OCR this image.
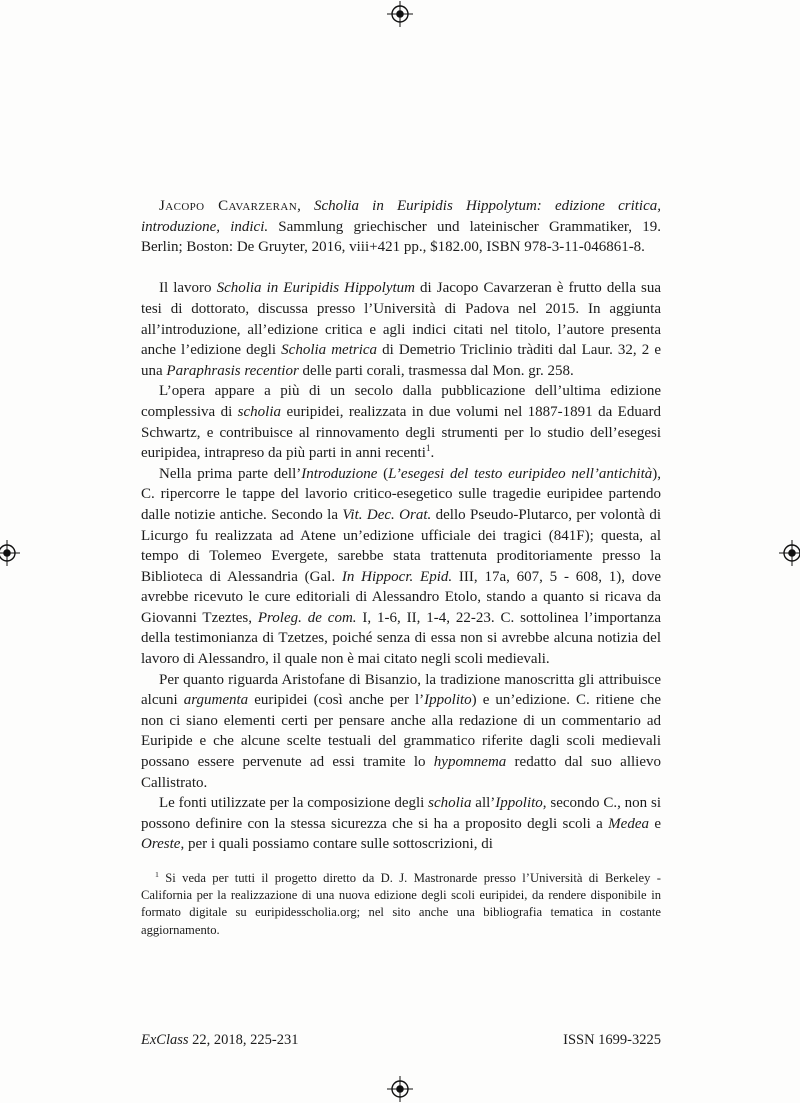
Jacopo Cavarzeran, Scholia in Euripidis Hippolytum: edizione critica, introduzione, indici. Sammlung griechischer und lateinischer Grammatiker, 19. Berlin; Boston: De Gruyter, 2016, viii+421 pp., $182.00, ISBN 978-3-11-046861-8.

Il lavoro Scholia in Euripidis Hippolytum di Jacopo Cavarzeran è frutto della sua tesi di dottorato, discussa presso l’Università di Padova nel 2015. In aggiunta all’introduzione, all’edizione critica e agli indici citati nel titolo, l’autore presenta anche l’edizione degli Scholia metrica di Demetrio Triclinio tràditi dal Laur. 32, 2 e una Paraphrasis recentior delle parti corali, trasmessa dal Mon. gr. 258.

L’opera appare a più di un secolo dalla pubblicazione dell’ultima edizione complessiva di scholia euripidei, realizzata in due volumi nel 1887-1891 da Eduard Schwartz, e contribuisce al rinnovamento degli strumenti per lo studio dell’esegesi euripidea, intrapreso da più parti in anni recenti$^1$.

Nella prima parte dell’Introduzione (L’esegesi del testo euripideo nell’antichità), C. ripercorre le tappe del lavorio critico-esegetico sulle tragedie euripidee partendo dalle notizie antiche. Secondo la Vit. Dec. Orat. dello Pseudo-Plutarco, per volontà di Licurgo fu realizzata ad Atene un’edizione ufficiale dei tragici (841F); questa, al tempo di Tolemeo Evergete, sarebbe stata trattenuta proditoriamente presso la Biblioteca di Alessandria (Gal. In Hippocr. Epid. III, 17a, 607, 5 - 608, 1), dove avrebbe ricevuto le cure editoriali di Alessandro Etolo, stando a quanto si ricava da Giovanni Tzeztes, Proleg. de com. I, 1-6, II, 1-4, 22-23. C. sottolinea l’importanza della testimonianza di Tzetzes, poiché senza di essa non si avrebbe alcuna notizia del lavoro di Alessandro, il quale non è mai citato negli scoli medievali.

Per quanto riguarda Aristofane di Bisanzio, la tradizione manoscritta gli attribuisce alcuni argumenta euripidei (così anche per l’Ippolito) e un’edizione. C. ritiene che non ci siano elementi certi per pensare anche alla redazione di un commentario ad Euripide e che alcune scelte testuali del grammatico riferite dagli scoli medievali possano essere pervenute ad essi tramite lo hypomnema redatto dal suo allievo Callistrato.

Le fonti utilizzate per la composizione degli scholia all’Ippolito, secondo C., non si possono definire con la stessa sicurezza che si ha a proposito degli scoli a Medea e Oreste, per i quali possiamo contare sulle sottoscrizioni, di

$^1$ Si veda per tutti il progetto diretto da D. J. Mastronarde presso l’Università di Berkeley - California per la realizzazione di una nuova edizione degli scoli euripidei, da rendere disponibile in formato digitale su euripidesscholia.org; nel sito anche una bibliografia tematica in costante aggiornamento.

ExClass 22, 2018, 225-231	ISSN 1699-3225
